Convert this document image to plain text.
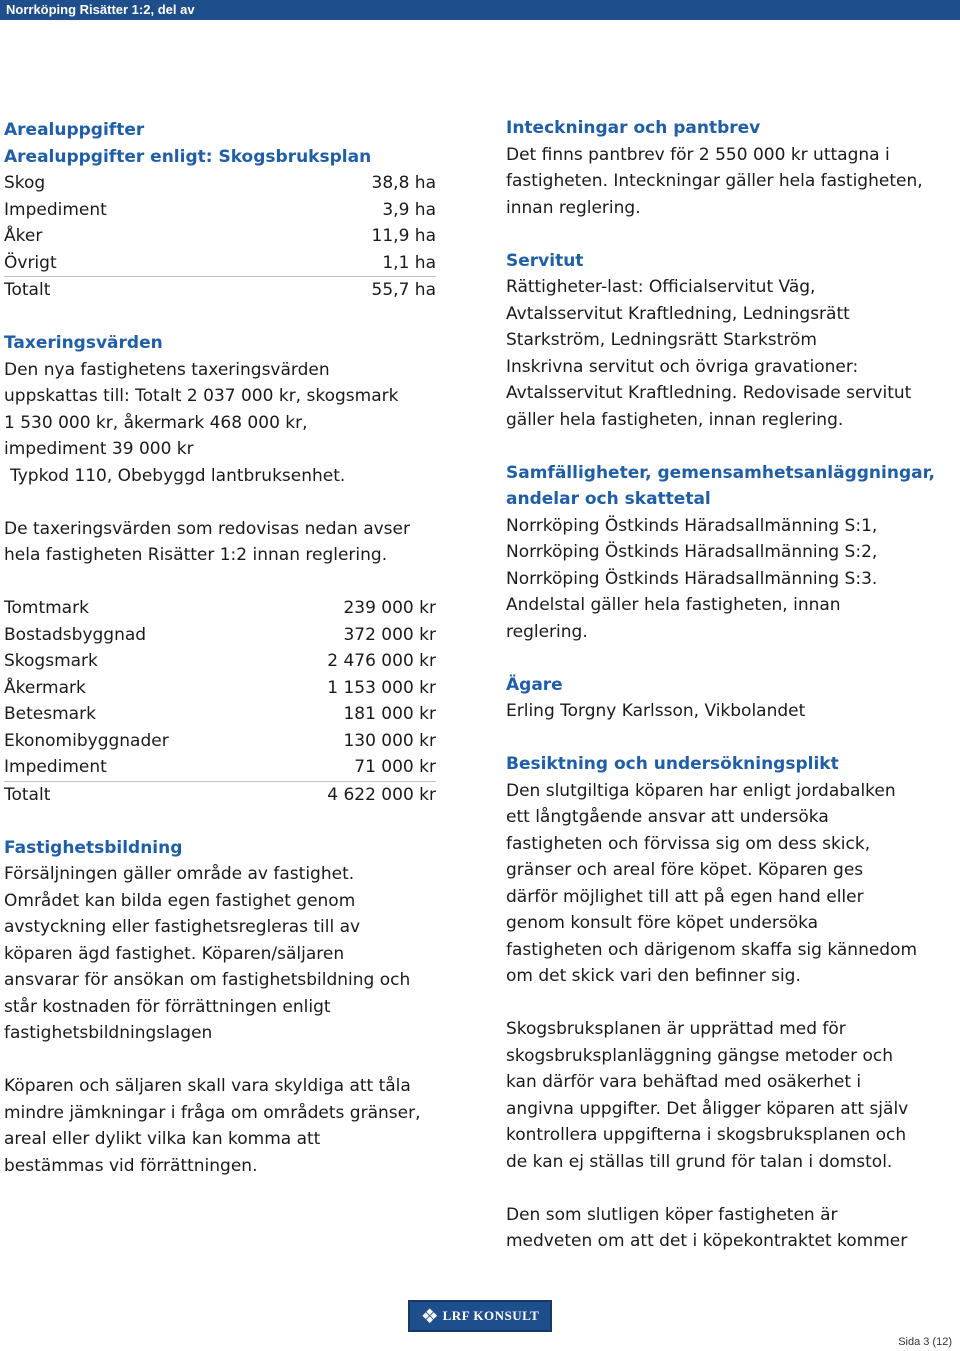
Norrköping Risätter 1:2, del av

Arealuppgifter

Arealuppgifter enligt: Skogsbruksplan

Skog	38,8 ha
Impediment	3,9 ha
Åker	11,9 ha
Övrigt	1,1 ha
Totalt	55,7 ha

Taxeringsvärden

Den nya fastighetens taxeringsvärden

uppskattas till: Totalt 2 037 000 kr, skogsmark

1 530 000 kr, åkermark 468 000 kr,

impediment 39 000 kr

Typkod 110, Obebyggd lantbruksenhet.

De taxeringsvärden som redovisas nedan avser

hela fastigheten Risätter 1:2 innan reglering.

Tomtmark	239 000 kr
Bostadsbyggnad	372 000 kr
Skogsmark	2 476 000 kr
Åkermark	1 153 000 kr
Betesmark	181 000 kr
Ekonomibyggnader	130 000 kr
Impediment	71 000 kr
Totalt	4 622 000 kr

Fastighetsbildning

Försäljningen gäller område av fastighet.

Området kan bilda egen fastighet genom

avstyckning eller fastighetsregleras till av

köparen ägd fastighet. Köparen/säljaren

ansvarar för ansökan om fastighetsbildning och

står kostnaden för förrättningen enligt

fastighetsbildningslagen

Köparen och säljaren skall vara skyldiga att tåla

mindre jämkningar i fråga om områdets gränser,

areal eller dylikt vilka kan komma att

bestämmas vid förrättningen.

Inteckningar och pantbrev

Det finns pantbrev för 2 550 000 kr uttagna i

fastigheten. Inteckningar gäller hela fastigheten,

innan reglering.

Servitut

Rättigheter-last: Officialservitut Väg,

Avtalsservitut Kraftledning, Ledningsrätt

Starkström, Ledningsrätt Starkström

Inskrivna servitut och övriga gravationer:

Avtalsservitut Kraftledning. Redovisade servitut

gäller hela fastigheten, innan reglering.

Samfälligheter, gemensamhetsanläggningar,

andelar och skattetal

Norrköping Östkinds Häradsallmänning S:1,

Norrköping Östkinds Häradsallmänning S:2,

Norrköping Östkinds Häradsallmänning S:3.

Andelstal gäller hela fastigheten, innan

reglering.

Ägare

Erling Torgny Karlsson, Vikbolandet

Besiktning och undersökningsplikt

Den slutgiltiga köparen har enligt jordabalken

ett långtgående ansvar att undersöka

fastigheten och förvissa sig om dess skick,

gränser och areal före köpet. Köparen ges

därför möjlighet till att på egen hand eller

genom konsult före köpet undersöka

fastigheten och därigenom skaffa sig kännedom

om det skick vari den befinner sig.

Skogsbruksplanen är upprättad med för

skogsbruksplanläggning gängse metoder och

kan därför vara behäftad med osäkerhet i

angivna uppgifter. Det åligger köparen att själv

kontrollera uppgifterna i skogsbruksplanen och

de kan ej ställas till grund för talan i domstol.

Den som slutligen köper fastigheten är

medveten om att det i köpekontraktet kommer

❖ LRF KONSULT
Sida 3 (12)
